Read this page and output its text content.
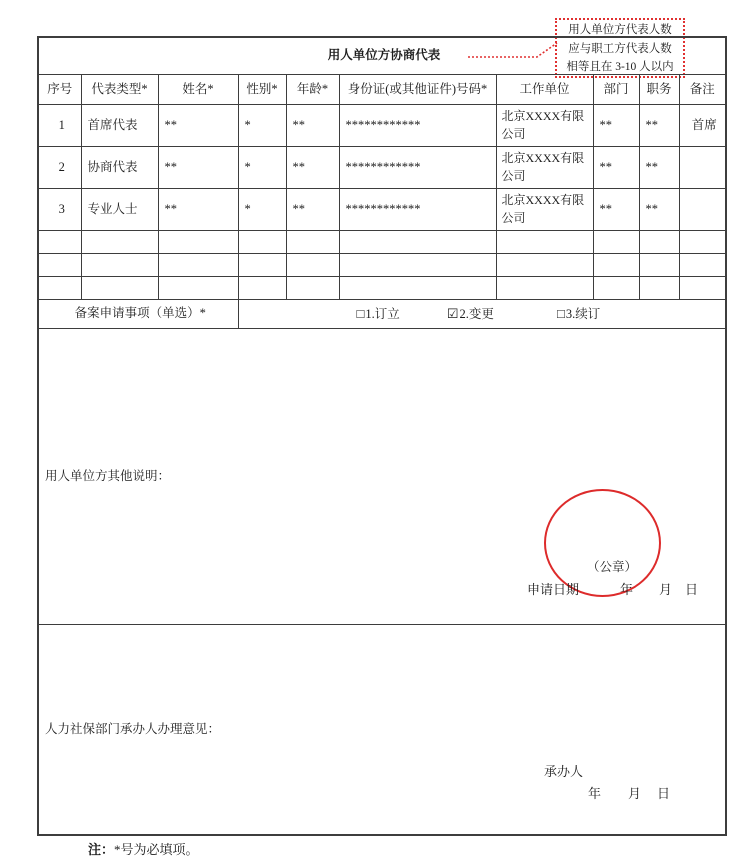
用人单位方代表人数
应与职工方代表人数
相等且在 3-10 人以内
用人单位方协商代表									
序号	代表类型*	姓名*	性别*	年龄*	身份证(或其他证件)号码*	工作单位	部门	职务	备注
1	首席代表	**	*	**	************	北京XXXX有限公司	**	**	首席
2	协商代表	**	*	**	************	北京XXXX有限公司	**	**	
3	专业人士	**	*	**	************	北京XXXX有限公司	**	**	

备案申请事项（单选）*			□1.订立 ☑2.变更 □3.续订						
用人单位方其他说明：									
人力社保部门承办人办理意见：									
（公章）
申请日期	年 月 日
承办人
年 月 日
注：*号为必填项。
